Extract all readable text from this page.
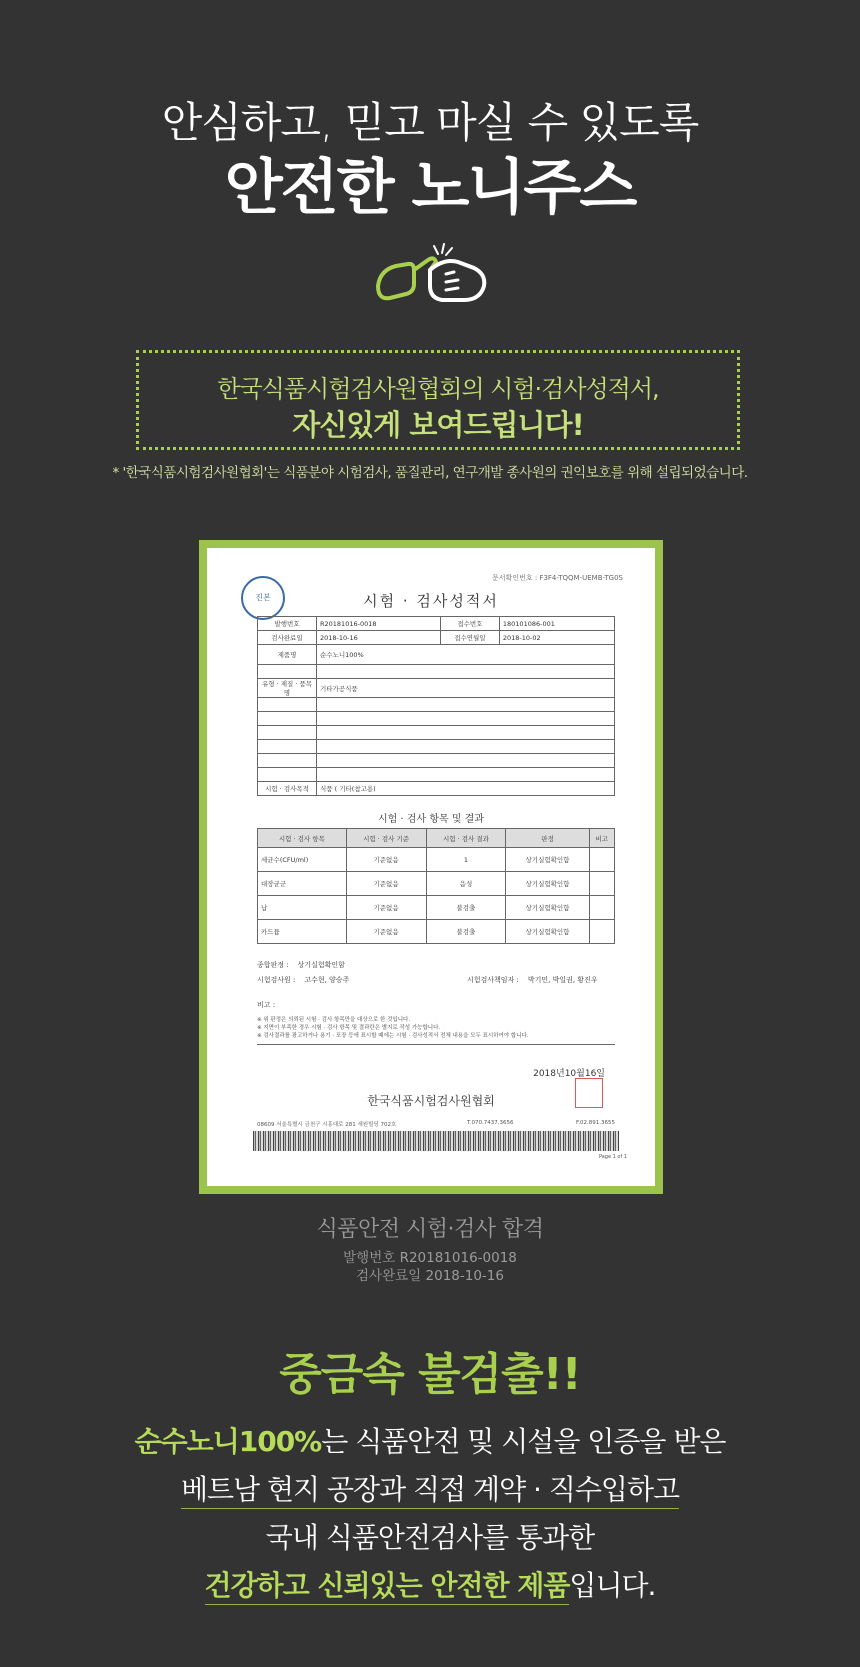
안심하고, 믿고 마실 수 있도록
안전한 노니주스
한국식품시험검사원협회의 시험·검사성적서,
자신있게 보여드립니다!
* '한국식품시험검사원협회'는 식품분야 시험검사, 품질관리, 연구개발 종사원의 권익보호를 위해 설립되었습니다.
문서확인번호 : F3F4-TQQM-UEMB-TG0S
진본	시험 · 검사성적서
발행번호	R20181016-0018	접수번호	180101086-001
검사완료일	2018-10-16	접수연월일	2018-10-02
제품명	순수노니100%		

유형 · 제질 · 품목명	기타가공식품		

시험 · 검사목적	식품 ( 기타(참고용)		
시험 · 검사 항목 및 결과
시험 · 검사 항목	시험 · 검사 기준	시험 · 검사 결과	판정	비고
세균수(CFU/ml)	기준없음	1	상기실험확인함	
대장균군	기준없음	음성	상기실험확인함	
납	기준없음	불검출	상기실험확인함	
카드뮴	기준없음	불검출	상기실험확인함	
종합판정 : 상기실험확인함
시험검사원 : 고수현, 양승주	시험검사책임자 : 박기민, 박일권, 황진우
비고 :
※ 위 판정은 의뢰된 시험 · 검사 항목만을 대상으로 한 것입니다.
※ 지면이 부족한 경우 시험 · 검사 항목 및 결과란은 별지로 작성 가능합니다.
※ 검사결과를 광고하거나 용기 · 포장 등에 표시할 때에는 시험 · 검사성적서 전체 내용을 모두 표시하여야 합니다.
2018년10월16일
한국식품시험검사원협회
08609 서울특별시 금천구 시흥대로 281 세원빌딩 702호	T.070.7437.3656	F.02.891.3655
Page 1 of 1
식품안전 시험·검사 합격
발행번호 R20181016-0018
검사완료일 2018-10-16
중금속 불검출!!
순수노니100%는 식품안전 및 시설을 인증을 받은
베트남 현지 공장과 직접 계약 · 직수입하고
국내 식품안전검사를 통과한
건강하고 신뢰있는 안전한 제품입니다.
